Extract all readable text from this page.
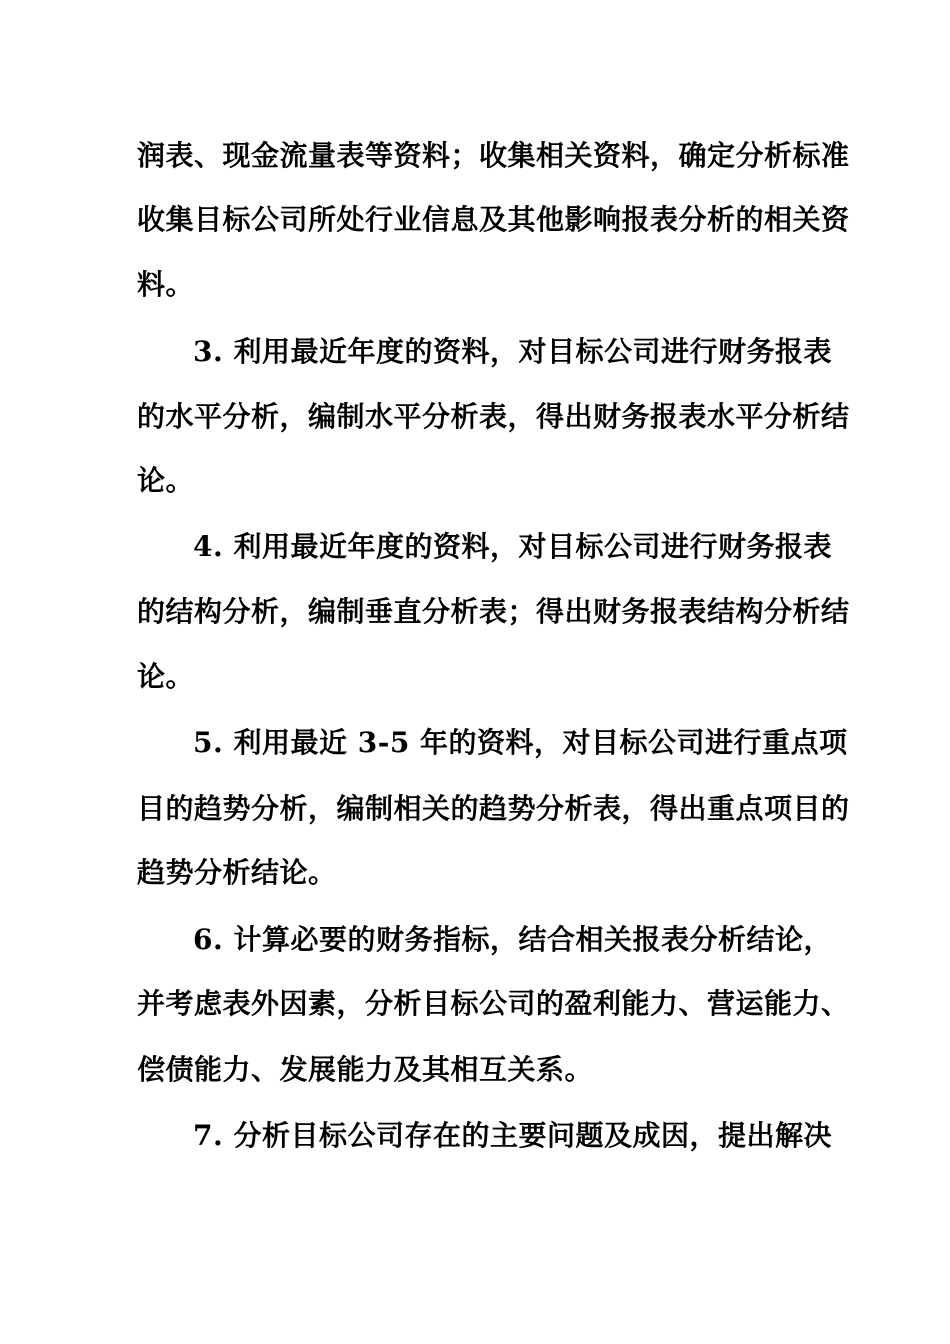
润表、现金流量表等资料；收集相关资料，确定分析标准
收集目标公司所处行业信息及其他影响报表分析的相关资
料。
3. 利用最近年度的资料，对目标公司进行财务报表
的水平分析，编制水平分析表，得出财务报表水平分析结
论。
4. 利用最近年度的资料，对目标公司进行财务报表
的结构分析，编制垂直分析表；得出财务报表结构分析结
论。
5. 利用最近 3-5 年的资料，对目标公司进行重点项
目的趋势分析，编制相关的趋势分析表，得出重点项目的
趋势分析结论。
6. 计算必要的财务指标，结合相关报表分析结论，
并考虑表外因素，分析目标公司的盈利能力、营运能力、
偿债能力、发展能力及其相互关系。
7. 分析目标公司存在的主要问题及成因，提出解决
